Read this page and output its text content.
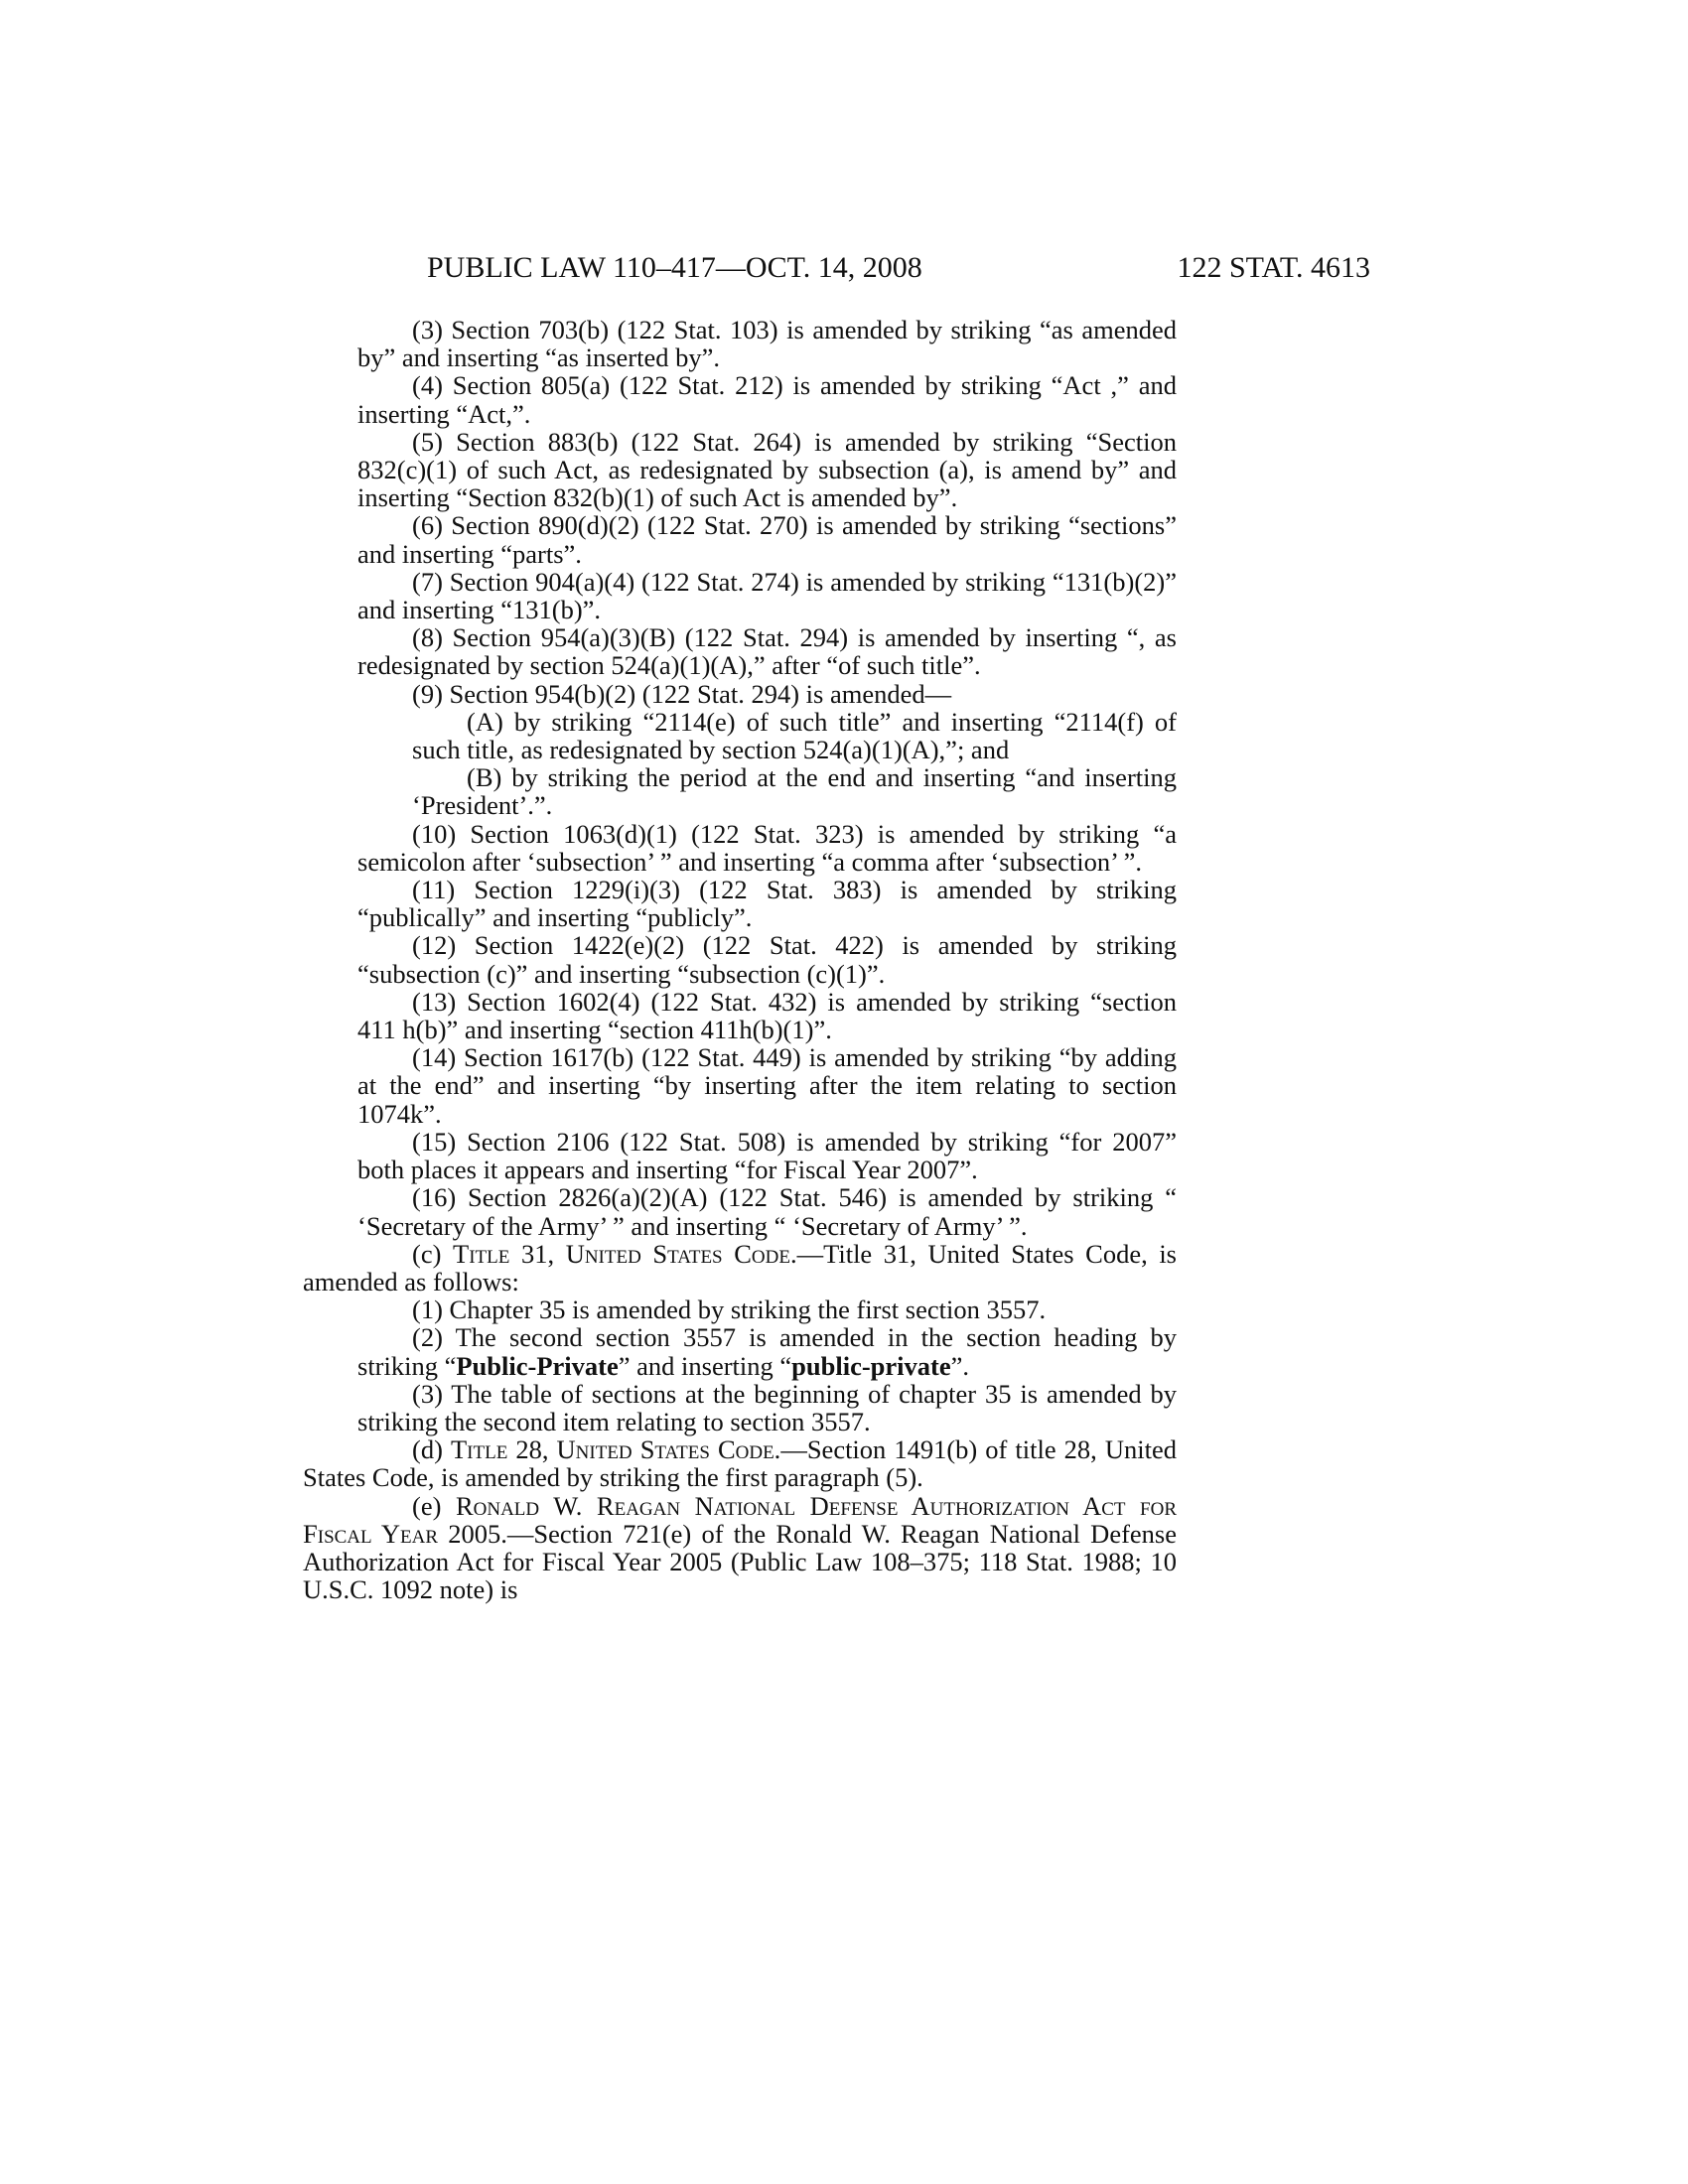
PUBLIC LAW 110–417—OCT. 14, 2008	122 STAT. 4613

(3) Section 703(b) (122 Stat. 103) is amended by striking “as amended by” and inserting “as inserted by”.

(4) Section 805(a) (122 Stat. 212) is amended by striking “Act ,” and inserting “Act,”.

(5) Section 883(b) (122 Stat. 264) is amended by striking “Section 832(c)(1) of such Act, as redesignated by subsection (a), is amend by” and inserting “Section 832(b)(1) of such Act is amended by”.

(6) Section 890(d)(2) (122 Stat. 270) is amended by striking “sections” and inserting “parts”.

(7) Section 904(a)(4) (122 Stat. 274) is amended by striking “131(b)(2)” and inserting “131(b)”.

(8) Section 954(a)(3)(B) (122 Stat. 294) is amended by inserting “, as redesignated by section 524(a)(1)(A),” after “of such title”.

(9) Section 954(b)(2) (122 Stat. 294) is amended—

(A) by striking “2114(e) of such title” and inserting “2114(f) of such title, as redesignated by section 524(a)(1)(A),”; and

(B) by striking the period at the end and inserting “and inserting ‘President’.”.

(10) Section 1063(d)(1) (122 Stat. 323) is amended by striking “a semicolon after ‘subsection’ ” and inserting “a comma after ‘subsection’ ”.

(11) Section 1229(i)(3) (122 Stat. 383) is amended by striking “publically” and inserting “publicly”.

(12) Section 1422(e)(2) (122 Stat. 422) is amended by striking “subsection (c)” and inserting “subsection (c)(1)”.

(13) Section 1602(4) (122 Stat. 432) is amended by striking “section 411 h(b)” and inserting “section 411h(b)(1)”.

(14) Section 1617(b) (122 Stat. 449) is amended by striking “by adding at the end” and inserting “by inserting after the item relating to section 1074k”.

(15) Section 2106 (122 Stat. 508) is amended by striking “for 2007” both places it appears and inserting “for Fiscal Year 2007”.

(16) Section 2826(a)(2)(A) (122 Stat. 546) is amended by striking “ ‘Secretary of the Army’ ” and inserting “ ‘Secretary of Army’ ”.

(c) Title 31, United States Code.—Title 31, United States Code, is amended as follows:

(1) Chapter 35 is amended by striking the first section 3557.

(2) The second section 3557 is amended in the section heading by striking “Public-Private” and inserting “public-private”.

(3) The table of sections at the beginning of chapter 35 is amended by striking the second item relating to section 3557.

(d) Title 28, United States Code.—Section 1491(b) of title 28, United States Code, is amended by striking the first paragraph (5).

(e) Ronald W. Reagan National Defense Authorization Act for Fiscal Year 2005.—Section 721(e) of the Ronald W. Reagan National Defense Authorization Act for Fiscal Year 2005 (Public Law 108–375; 118 Stat. 1988; 10 U.S.C. 1092 note) is
